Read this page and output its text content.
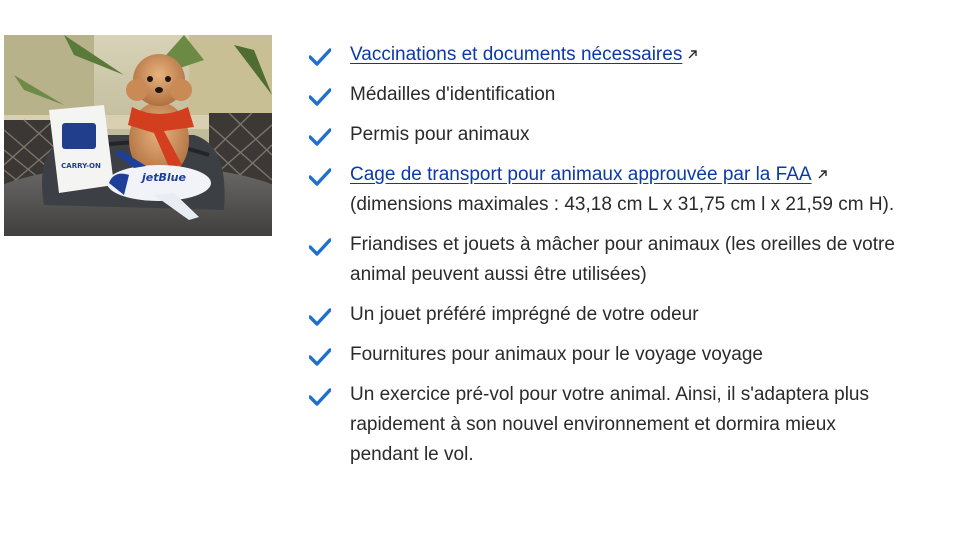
CARRY-ON
jetBlue
Vaccinations et documents nécessaires
Médailles d'identification
Permis pour animaux
Cage de transport pour animaux approuvée par la FAA
(dimensions maximales : 43,18 cm L x 31,75 cm l x 21,59 cm H).
Friandises et jouets à mâcher pour animaux (les oreilles de votre
animal peuvent aussi être utilisées)
Un jouet préféré imprégné de votre odeur
Fournitures pour animaux pour le voyage voyage
Un exercice pré-vol pour votre animal. Ainsi, il s'adaptera plus
rapidement à son nouvel environnement et dormira mieux
pendant le vol.
